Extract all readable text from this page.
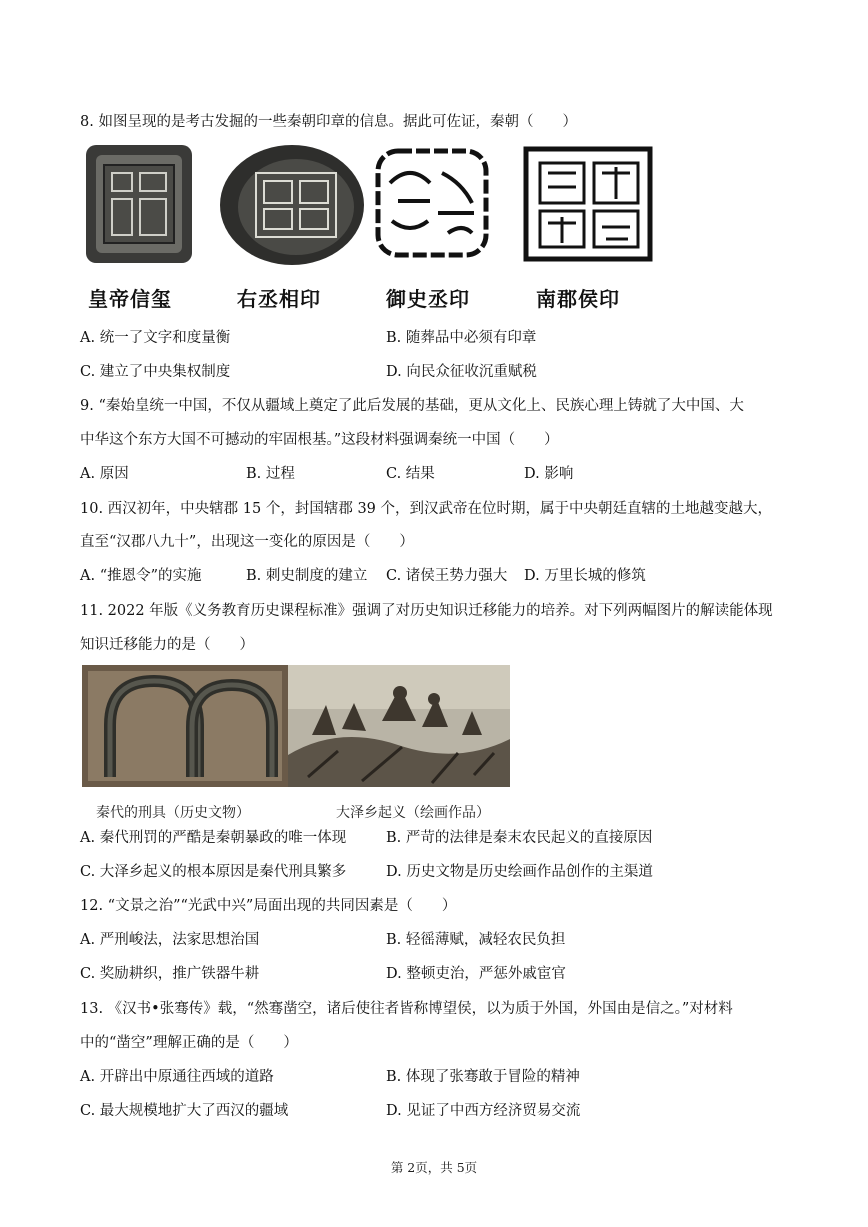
8. 如图呈现的是考古发掘的一些秦朝印章的信息。据此可佐证，秦朝（　　）
皇帝信玺	右丞相印	御史丞印	南郡侯印
A. 统一了文字和度量衡	B. 随葬品中必须有印章
C. 建立了中央集权制度	D. 向民众征收沉重赋税
9. “秦始皇统一中国，不仅从疆域上奠定了此后发展的基础，更从文化上、民族心理上铸就了大中国、大
中华这个东方大国不可撼动的牢固根基。”这段材料强调秦统一中国（　　）
A. 原因	B. 过程	C. 结果	D. 影响
10. 西汉初年，中央辖郡 15 个，封国辖郡 39 个，到汉武帝在位时期，属于中央朝廷直辖的土地越变越大，
直至“汉郡八九十”，出现这一变化的原因是（　　）
A. “推恩令”的实施	B. 刺史制度的建立 C. 诸侯王势力强大 D. 万里长城的修筑
11. 2022 年版《义务教育历史课程标准》强调了对历史知识迁移能力的培养。对下列两幅图片的解读能体现
知识迁移能力的是（　　）
秦代的刑具（历史文物）	大泽乡起义（绘画作品）
A. 秦代刑罚的严酷是秦朝暴政的唯一体现	B. 严苛的法律是秦末农民起义的直接原因
C. 大泽乡起义的根本原因是秦代刑具繁多	D. 历史文物是历史绘画作品创作的主渠道
12. “文景之治”“光武中兴”局面出现的共同因素是（　　）
A. 严刑峻法，法家思想治国	B. 轻徭薄赋，减轻农民负担
C. 奖励耕织，推广铁器牛耕	D. 整顿吏治，严惩外戚宦官
13. 《汉书•张骞传》载，“然骞凿空，诸后使往者皆称博望侯，以为质于外国，外国由是信之。”对材料
中的“凿空”理解正确的是（　　）
A. 开辟出中原通往西域的道路	B. 体现了张骞敢于冒险的精神
C. 最大规模地扩大了西汉的疆域	D. 见证了中西方经济贸易交流
第 2页，共 5页
